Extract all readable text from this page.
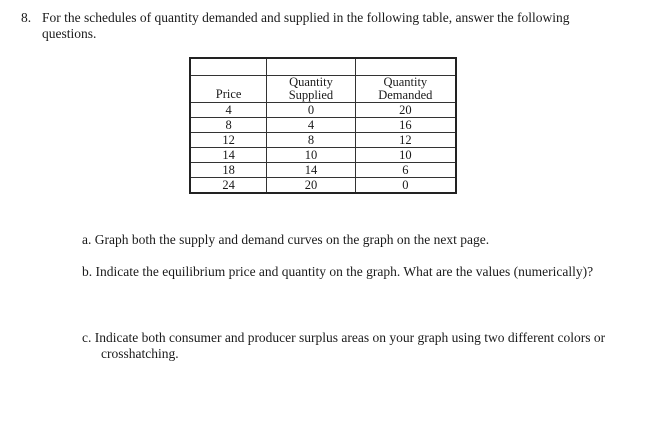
8. For the schedules of quantity demanded and supplied in the following table, answer the following questions.

Price	Quantity Supplied	Quantity Demanded
4	0	20
8	4	16
12	8	12
14	10	10
18	14	6
24	20	0
a. Graph both the supply and demand curves on the graph on the next page.
b. Indicate the equilibrium price and quantity on the graph. What are the values (numerically)?
c. Indicate both consumer and producer surplus areas on your graph using two different colors or crosshatching.
